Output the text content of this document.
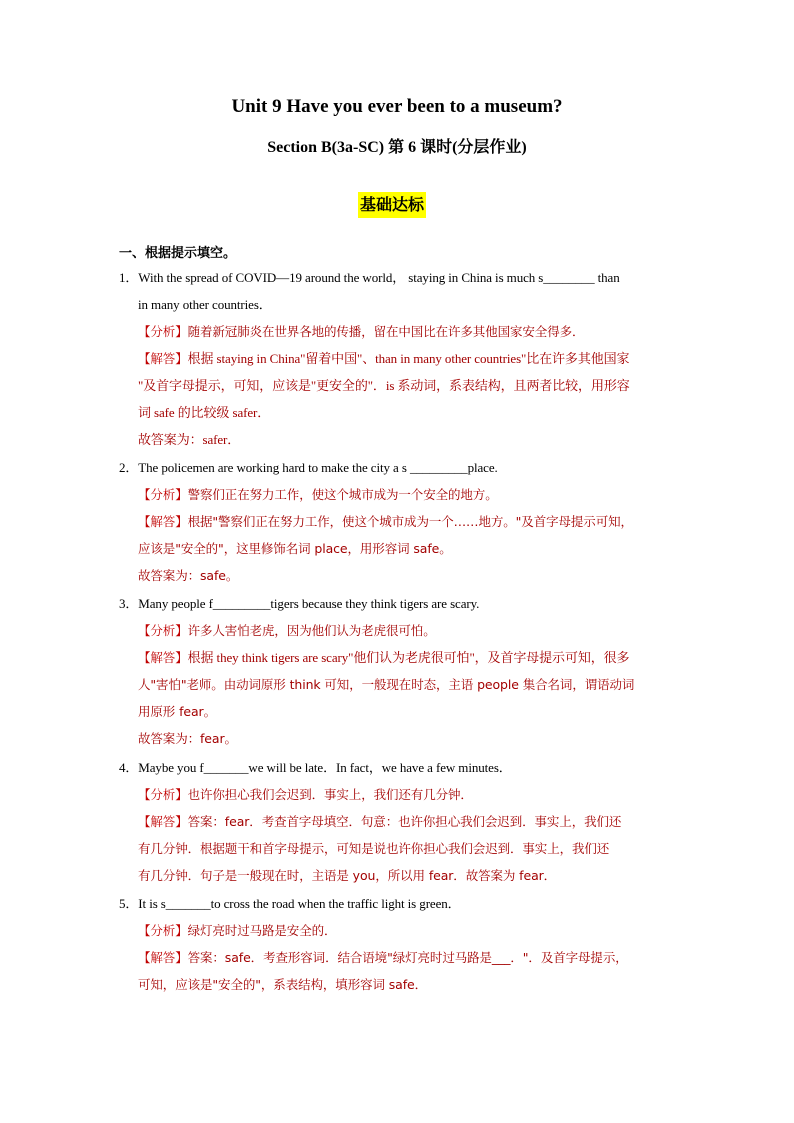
Unit 9 Have you ever been to a museum?
Section B(3a-SC) 第 6 课时(分层作业)
基础达标
一、根据提示填空。
1．With the spread of COVID—19 around the world， staying in China is much s________ than
in many other countries．
【分析】随着新冠肺炎在世界各地的传播，留在中国比在许多其他国家安全得多．
【解答】根据 staying in China"留着中国"、than in many other countries"比在许多其他国家
"及首字母提示，可知，应该是"更安全的"．is 系动词，系表结构，且两者比较，用形容
词 safe 的比较级 safer．
故答案为：safer．
2．The policemen are working hard to make the city a s _________place.
【分析】警察们正在努力工作，使这个城市成为一个安全的地方。
【解答】根据"警察们正在努力工作，使这个城市成为一个……地方。"及首字母提示可知，
应该是"安全的"，这里修饰名词 place，用形容词 safe。
故答案为：safe。
3．Many people f_________tigers because they think tigers are scary.
【分析】许多人害怕老虎，因为他们认为老虎很可怕。
【解答】根据 they think tigers are scary"他们认为老虎很可怕"，及首字母提示可知，很多
人"害怕"老师。由动词原形 think 可知，一般现在时态，主语 people 集合名词，谓语动词
用原形 fear。
故答案为：fear。
4．Maybe you f_______we will be late．In fact，we have a few minutes．
【分析】也许你担心我们会迟到．事实上，我们还有几分钟．
【解答】答案：fear．考查首字母填空．句意：也许你担心我们会迟到．事实上，我们还
有几分钟．根据题干和首字母提示，可知是说也许你担心我们会迟到．事实上，我们还
有几分钟．句子是一般现在时，主语是 you，所以用 fear．故答案为 fear．
5．It is s_______to cross the road when the traffic light is green．
【分析】绿灯亮时过马路是安全的．
【解答】答案：safe．考查形容词．结合语境"绿灯亮时过马路是___．"．及首字母提示，
可知，应该是"安全的"，系表结构，填形容词 safe．
